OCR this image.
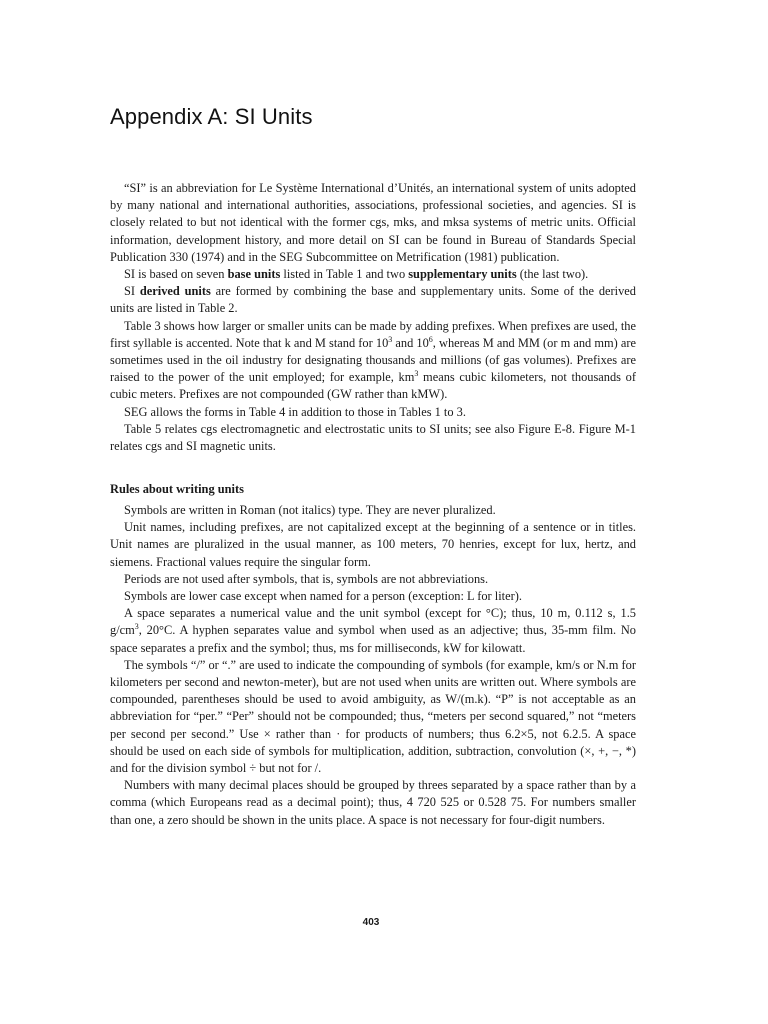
Appendix A: SI Units

“SI” is an abbreviation for Le Système International d’Unités, an international system of units adopted by many national and international authorities, associations, professional societies, and agencies. SI is closely related to but not identical with the former cgs, mks, and mksa systems of metric units. Official information, development history, and more detail on SI can be found in Bureau of Standards Special Publication 330 (1974) and in the SEG Subcommittee on Metrification (1981) publication.

SI is based on seven base units listed in Table 1 and two supplementary units (the last two).

SI derived units are formed by combining the base and supplementary units. Some of the derived units are listed in Table 2.

Table 3 shows how larger or smaller units can be made by adding prefixes. When prefixes are used, the first syllable is accented. Note that k and M stand for $10^3$ and $10^6$, whereas M and MM (or m and mm) are sometimes used in the oil industry for designating thousands and millions (of gas volumes). Prefixes are raised to the power of the unit employed; for example, $km^3$ means cubic kilometers, not thousands of cubic meters. Prefixes are not compounded (GW rather than kMW).

SEG allows the forms in Table 4 in addition to those in Tables 1 to 3.

Table 5 relates cgs electromagnetic and electrostatic units to SI units; see also Figure E-8. Figure M-1 relates cgs and SI magnetic units.

Rules about writing units

Symbols are written in Roman (not italics) type. They are never pluralized.

Unit names, including prefixes, are not capitalized except at the beginning of a sentence or in titles. Unit names are pluralized in the usual manner, as 100 meters, 70 henries, except for lux, hertz, and siemens. Fractional values require the singular form.

Periods are not used after symbols, that is, symbols are not abbreviations.

Symbols are lower case except when named for a person (exception: L for liter).

A space separates a numerical value and the unit symbol (except for °C); thus, 10 m, 0.112 s, 1.5 $g/cm^3$, 20°C. A hyphen separates value and symbol when used as an adjective; thus, 35-mm film. No space separates a prefix and the symbol; thus, ms for milliseconds, kW for kilowatt.

The symbols “/” or “.” are used to indicate the compounding of symbols (for example, km/s or N.m for kilometers per second and newton-meter), but are not used when units are written out. Where symbols are compounded, parentheses should be used to avoid ambiguity, as W/(m.k). “P” is not acceptable as an abbreviation for “per.” “Per” should not be compounded; thus, “meters per second squared,” not “meters per second per second.” Use × rather than · for products of numbers; thus 6.2×5, not 6.2.5. A space should be used on each side of symbols for multiplication, addition, subtraction, convolution (×, +, −, *) and for the division symbol ÷ but not for /.

Numbers with many decimal places should be grouped by threes separated by a space rather than by a comma (which Europeans read as a decimal point); thus, 4 720 525 or 0.528 75. For numbers smaller than one, a zero should be shown in the units place. A space is not necessary for four-digit numbers.

403
